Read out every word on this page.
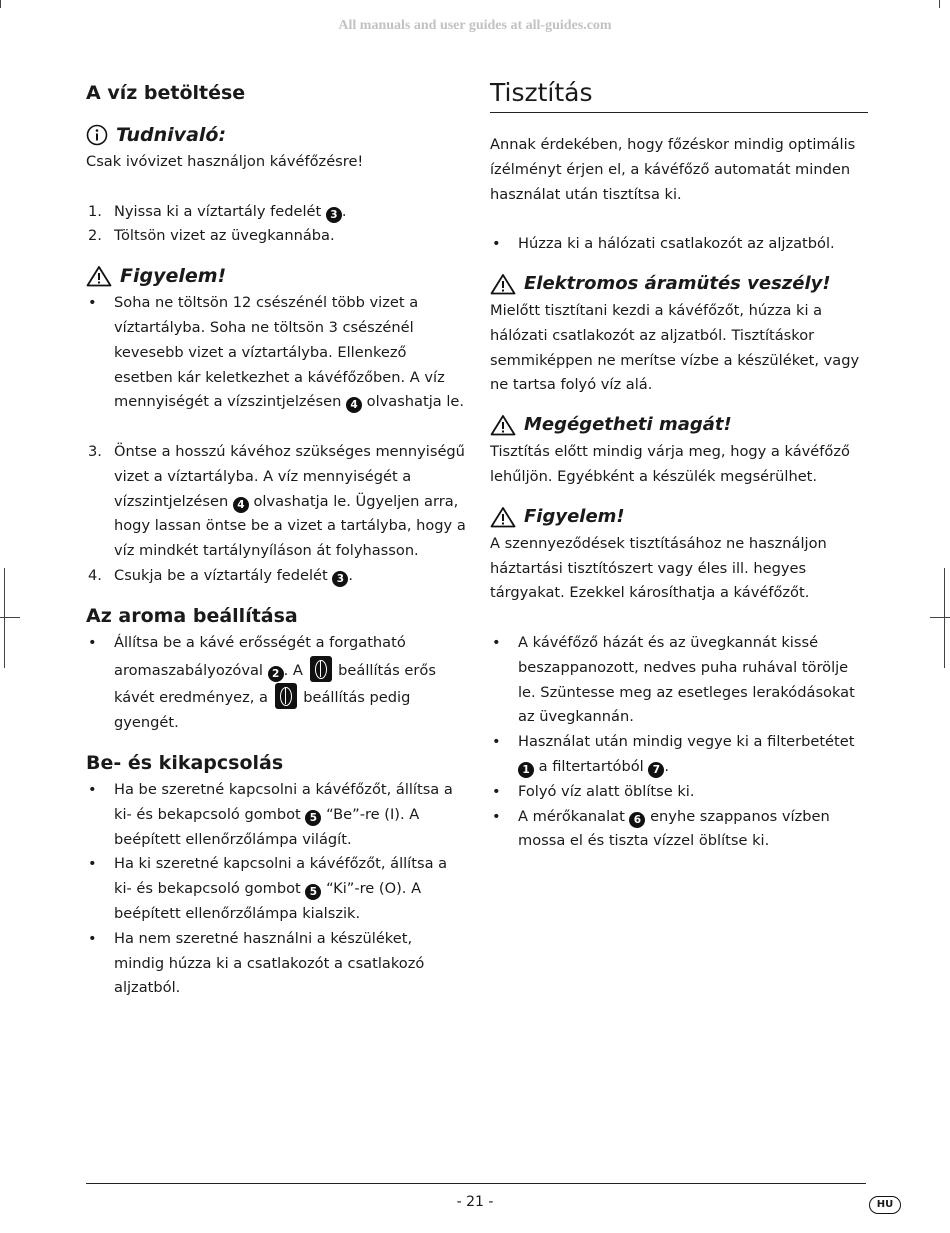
All manuals and user guides at all-guides.com
A víz betöltése
Tudnivaló:

Csak ivóvizet használjon kávéfőzésre!

1. Nyissa ki a víztartály fedelét 3 .
2. Töltsön vizet az üvegkannába.
Figyelem!
• Soha ne töltsön 12 csészénél több vizet a víztartályba. Soha ne töltsön 3 csészénél kevesebb vizet a víztartályba. Ellenkező esetben kár keletkezhet a kávéfőzőben. A víz mennyiségét a vízszintjelzésen 4 olvashatja le.
3. Öntse a hosszú kávéhoz szükséges mennyiségű vizet a víztartályba. A víz mennyiségét a vízszintjelzésen 4 olvashatja le. Ügyeljen arra, hogy lassan öntse be a vizet a tartályba, hogy a víz mindkét tartálynyíláson át folyhasson.
4. Csukja be a víztartály fedelét 3 .
Az aroma beállítása
• Állítsa be a kávé erősségét a forgatható aromaszabályozóval 2 . A beállítás erős kávét eredményez, a beállítás pedig gyengét.
Be- és kikapcsolás
• Ha be szeretné kapcsolni a kávéfőzőt, állítsa a ki- és bekapcsoló gombot 5 “Be”-re (I). A beépített ellenőrzőlámpa világít.
• Ha ki szeretné kapcsolni a kávéfőzőt, állítsa a ki- és bekapcsoló gombot 5 “Ki”-re (O). A beépített ellenőrzőlámpa kialszik.
• Ha nem szeretné használni a készüléket, mindig húzza ki a csatlakozót a csatlakozó aljzatból.
Tisztítás

Annak érdekében, hogy főzéskor mindig optimális ízélményt érjen el, a kávéfőző automatát minden használat után tisztítsa ki.

• Húzza ki a hálózati csatlakozót az aljzatból.
Elektromos áramütés veszély!

Mielőtt tisztítani kezdi a kávéfőzőt, húzza ki a hálózati csatlakozót az aljzatból. Tisztításkor semmiképpen ne merítse vízbe a készüléket, vagy ne tartsa folyó víz alá.

Megégetheti magát!

Tisztítás előtt mindig várja meg, hogy a kávéfőző lehűljön. Egyébként a készülék megsérülhet.

Figyelem!

A szennyeződések tisztításához ne használjon háztartási tisztítószert vagy éles ill. hegyes tárgyakat. Ezekkel károsíthatja a kávéfőzőt.

• A kávéfőző házát és az üvegkannát kissé beszappanozott, nedves puha ruhával törölje le. Szüntesse meg az esetleges lerakódásokat az üvegkannán.
• Használat után mindig vegye ki a filterbetétet 1 a filtertartóból 7 .
• Folyó víz alatt öblítse ki.
• A mérőkanalat 6 enyhe szappanos vízben mossa el és tiszta vízzel öblítse ki.
- 21 -	HU
